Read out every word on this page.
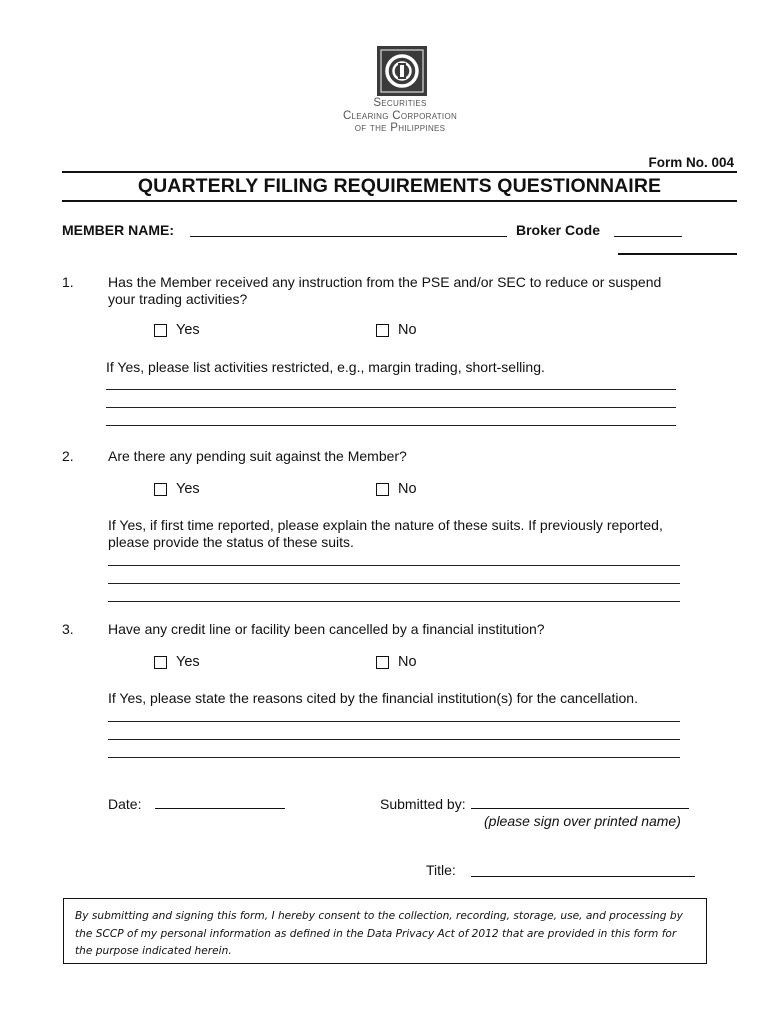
Securities
Clearing Corporation
of the Philippines
Form No. 004
QUARTERLY FILING REQUIREMENTS QUESTIONNAIRE
MEMBER NAME:	Broker Code
1. Has the Member received any instruction from the PSE and/or SEC to reduce or suspend your trading activities?
Yes	No
If Yes, please list activities restricted, e.g., margin trading, short-selling.
2. Are there any pending suit against the Member?
Yes	No
If Yes, if first time reported, please explain the nature of these suits. If previously reported, please provide the status of these suits.
3. Have any credit line or facility been cancelled by a financial institution?
Yes	No
If Yes, please state the reasons cited by the financial institution(s) for the cancellation.
Date:	Submitted by:
(please sign over printed name)
Title:
By submitting and signing this form, I hereby consent to the collection, recording, storage, use, and processing by the SCCP of my personal information as defined in the Data Privacy Act of 2012 that are provided in this form for the purpose indicated herein.
